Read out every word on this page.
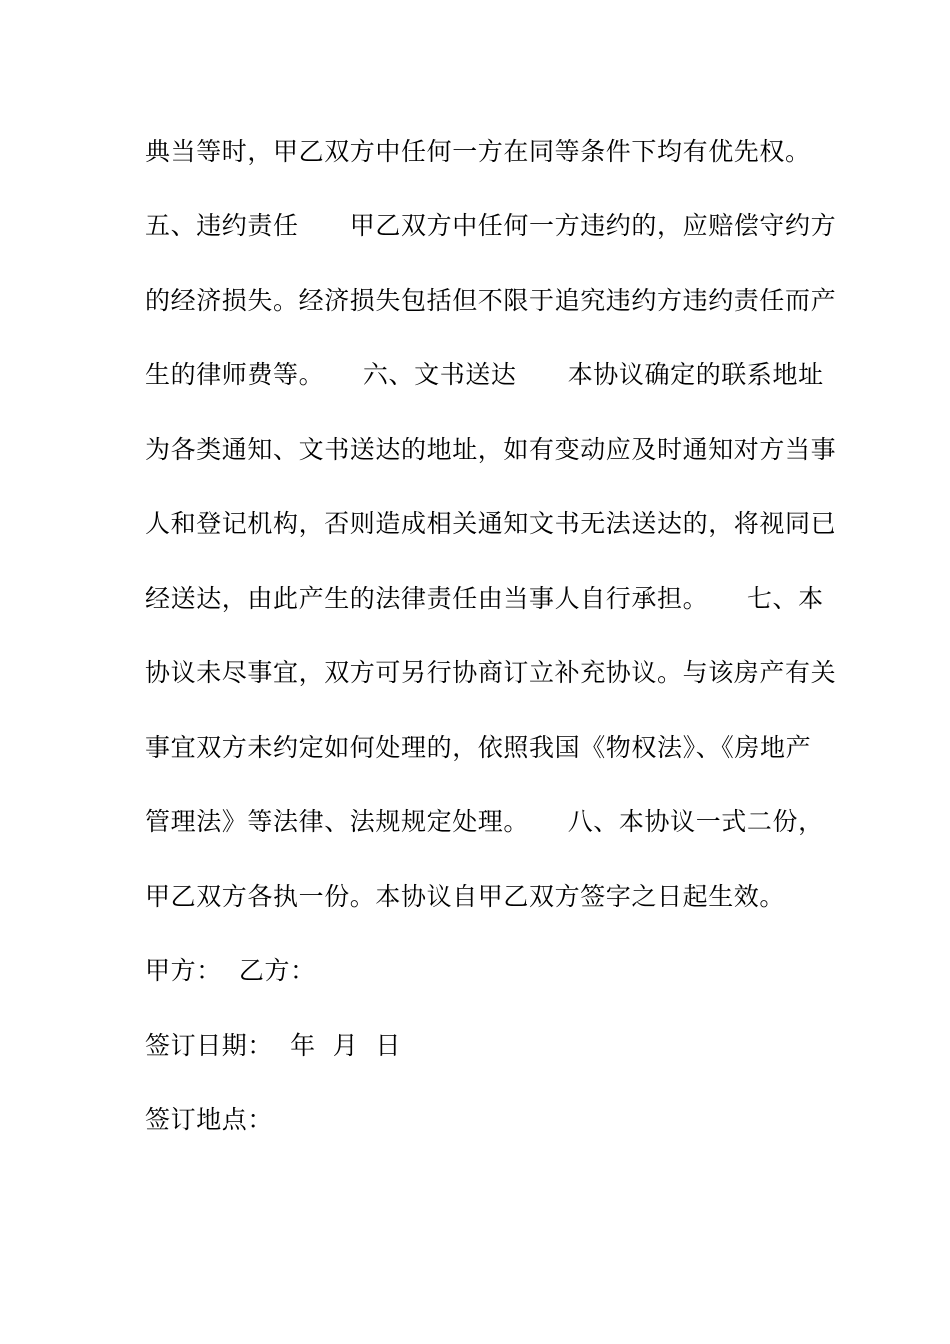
典当等时，甲乙双方中任何一方在同等条件下均有优先权。
五、违约责任　　甲乙双方中任何一方违约的，应赔偿守约方
的经济损失。经济损失包括但不限于追究违约方违约责任而产
生的律师费等。　　六、文书送达　　本协议确定的联系地址
为各类通知、文书送达的地址，如有变动应及时通知对方当事
人和登记机构，否则造成相关通知文书无法送达的，将视同已
经送达，由此产生的法律责任由当事人自行承担。　　七、本
协议未尽事宜，双方可另行协商订立补充协议。与该房产有关
事宜双方未约定如何处理的，依照我国《物权法》、《房地产
管理法》等法律、法规规定处理。　　八、本协议一式二份，
甲乙双方各执一份。本协议自甲乙双方签字之日起生效。
甲方：  乙方：
签订日期：  年  月  日
签订地点：
